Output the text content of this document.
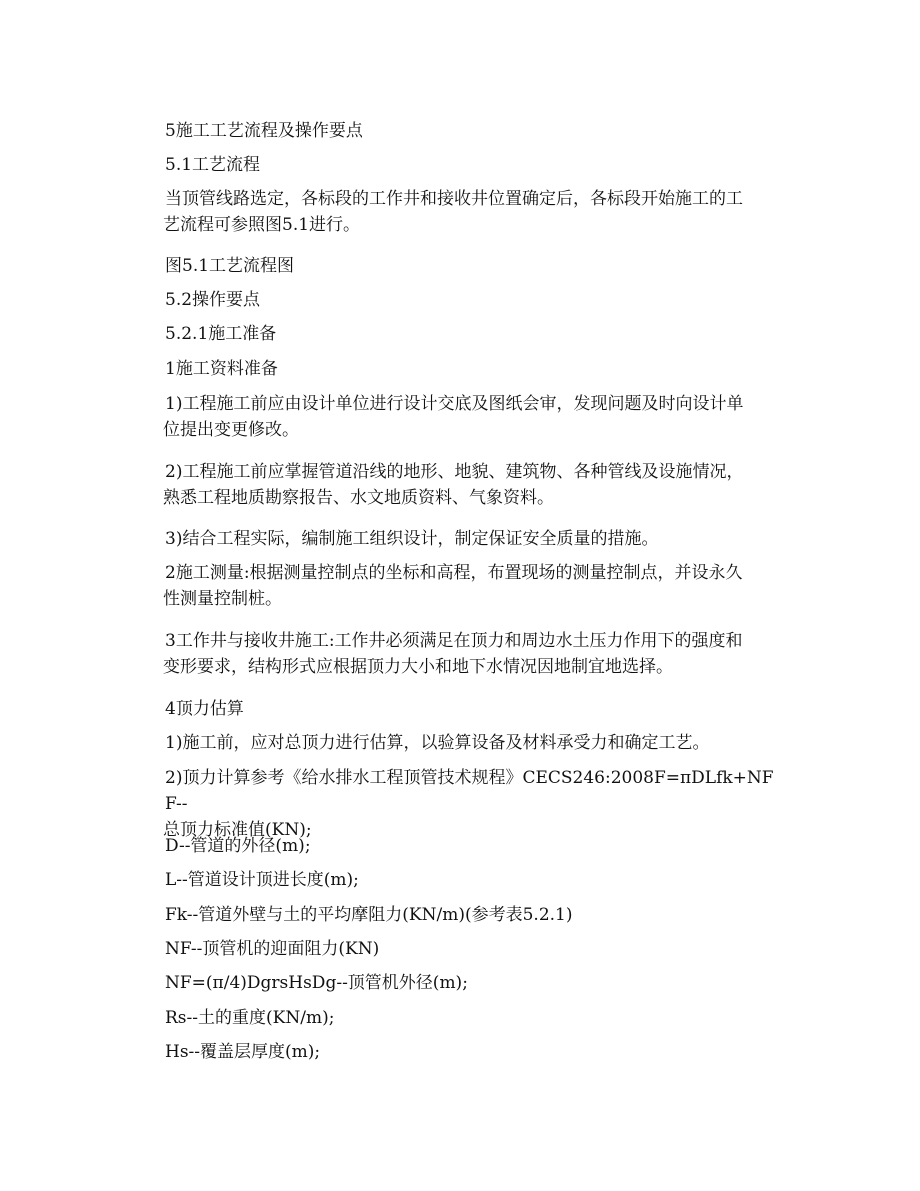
5施工工艺流程及操作要点
5.1工艺流程
当顶管线路选定，各标段的工作井和接收井位置确定后，各标段开始施工的工
艺流程可参照图5.1进行。
图5.1工艺流程图
5.2操作要点
5.2.1施工准备
1施工资料准备
1)工程施工前应由设计单位进行设计交底及图纸会审，发现问题及时向设计单
位提出变更修改。
2)工程施工前应掌握管道沿线的地形、地貌、建筑物、各种管线及设施情况，
熟悉工程地质勘察报告、水文地质资料、气象资料。
3)结合工程实际，编制施工组织设计，制定保证安全质量的措施。
2施工测量:根据测量控制点的坐标和高程，布置现场的测量控制点，并设永久
性测量控制桩。
3工作井与接收井施工:工作井必须满足在顶力和周边水土压力作用下的强度和
变形要求，结构形式应根据顶力大小和地下水情况因地制宜地选择。
4顶力估算
1)施工前，应对总顶力进行估算，以验算设备及材料承受力和确定工艺。
2)顶力计算参考《给水排水工程顶管技术规程》CECS246:2008F=πDLfk+NFF--
总顶力标准值(KN);
D--管道的外径(m);
L--管道设计顶进长度(m);
Fk--管道外壁与土的平均摩阻力(KN/m)(参考表5.2.1)
NF--顶管机的迎面阻力(KN)
NF=(π/4)DgrsHsDg--顶管机外径(m);
Rs--土的重度(KN/m);
Hs--覆盖层厚度(m);
